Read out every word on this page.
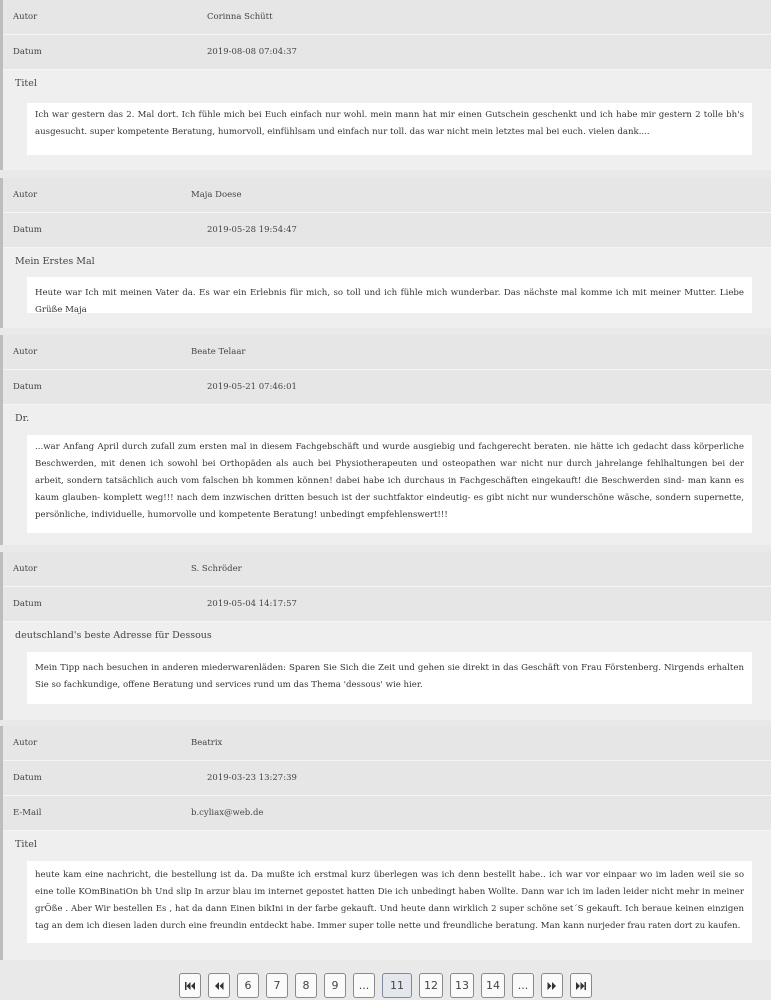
Autor	Corinna Schütt
Datum	2019-08-08 07:04:37
Titel
Ich war gestern das 2. Mal dort. Ich fühle mich bei Euch einfach nur wohl. mein mann hat mir einen Gutschein geschenkt und ich habe mir gestern 2 tolle bh's ausgesucht. super kompetente Beratung, humorvoll, einfühlsam und einfach nur toll. das war nicht mein letztes mal bei euch. vielen dank....
Autor	Maja Doese
Datum	2019-05-28 19:54:47
Mein Erstes Mal
Heute war Ich mit meinen Vater da. Es war ein Erlebnis für mich, so toll und ich fühle mich wunderbar. Das nächste mal komme ich mit meiner Mutter. Liebe Grüße Maja
Autor	Beate Telaar
Datum	2019-05-21 07:46:01
Dr.
...war Anfang April durch zufall zum ersten mal in diesem Fachgebschäft und wurde ausgiebig und fachgerecht beraten. nie hätte ich gedacht dass körperliche Beschwerden, mit denen ich sowohl bei Orthopäden als auch bei Physiotherapeuten und osteopathen war nicht nur durch jahrelange fehlhaltungen bei der arbeit, sondern tatsächlich auch vom falschen bh kommen können! dabei habe ich durchaus in Fachgeschäften eingekauft! die Beschwerden sind- man kann es kaum glauben- komplett weg!!! nach dem inzwischen dritten besuch ist der suchtfaktor eindeutig- es gibt nicht nur wunderschöne wäsche, sondern supernette, persönliche, individuelle, humorvolle und kompetente Beratung! unbedingt empfehlenswert!!!
Autor	S. Schröder
Datum	2019-05-04 14:17:57
deutschland's beste Adresse für Dessous
Mein Tipp nach besuchen in anderen miederwarenläden: Sparen Sie Sich die Zeit und gehen sie direkt in das Geschäft von Frau Förstenberg. Nirgends erhalten Sie so fachkundige, offene Beratung und services rund um das Thema 'dessous' wie hier.
Autor	Beatrix
Datum	2019-03-23 13:27:39
E-Mail	b.cyliax@web.de
Titel
heute kam eine nachricht, die bestellung ist da. Da mußte ich erstmal kurz überlegen was ich denn bestellt habe.. ich war vor einpaar wo im laden weil sie so eine tolle KOmBinatiOn bh Und slip In arzur blau im internet gepostet hatten Die ich unbedingt haben Wollte. Dann war ich im laden leider nicht mehr in meiner grÖße . Aber Wir bestellen Es , hat da dann Einen bikIni in der farbe gekauft. Und heute dann wirklich 2 super schöne set´S gekauft. Ich beraue keinen einzigen tag an dem ich diesen laden durch eine freundin entdeckt habe. Immer super tolle nette und freundliche beratung. Man kann nurjeder frau raten dort zu kaufen.
6	7	8	9	...	11	12	13	14	...
